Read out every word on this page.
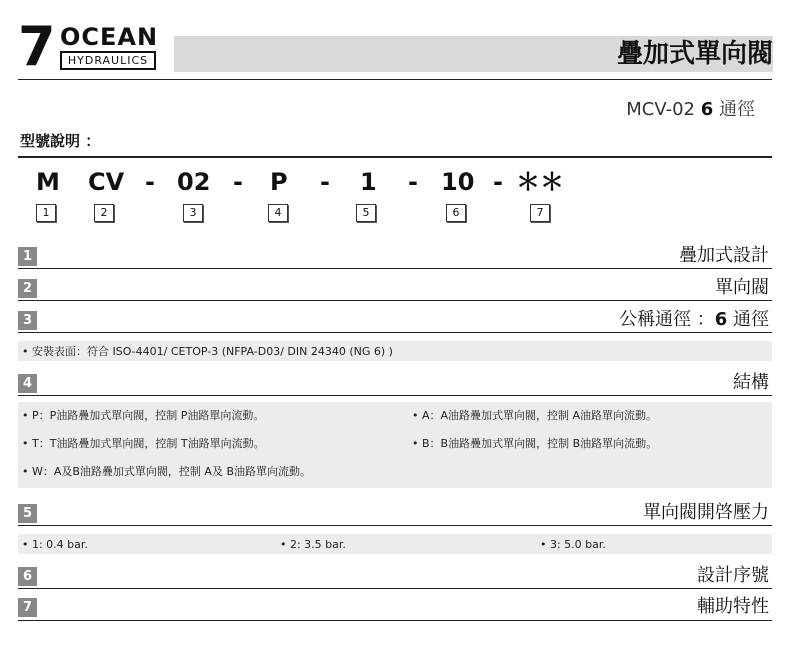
7 OCEAN
HYDRAULICS	疊加式單向閥
MCV-02 6 通徑
型號說明 ：
M CV - 02 - P - 1 - 10 - ＊＊
1	2	3	4	5	6	7
1	疊加式設計
2	單向閥
3	公稱通徑 ：6 通徑
• 安裝表面：符合 ISO-4401/ CETOP-3 (NFPA-D03/ DIN 24340 (NG 6) )
4	結構
• P：P油路疊加式單向閥，控制 P油路單向流動。	• A：A油路疊加式單向閥，控制 A油路單向流動。
• T：T油路疊加式單向閥，控制 T油路單向流動。	• B：B油路疊加式單向閥，控制 B油路單向流動。
• W：A及B油路疊加式單向閥，控制 A及 B油路單向流動。
5	單向閥開啓壓力
• 1: 0.4 bar.	• 2: 3.5 bar.	• 3: 5.0 bar.
6	設計序號
7	輔助特性
